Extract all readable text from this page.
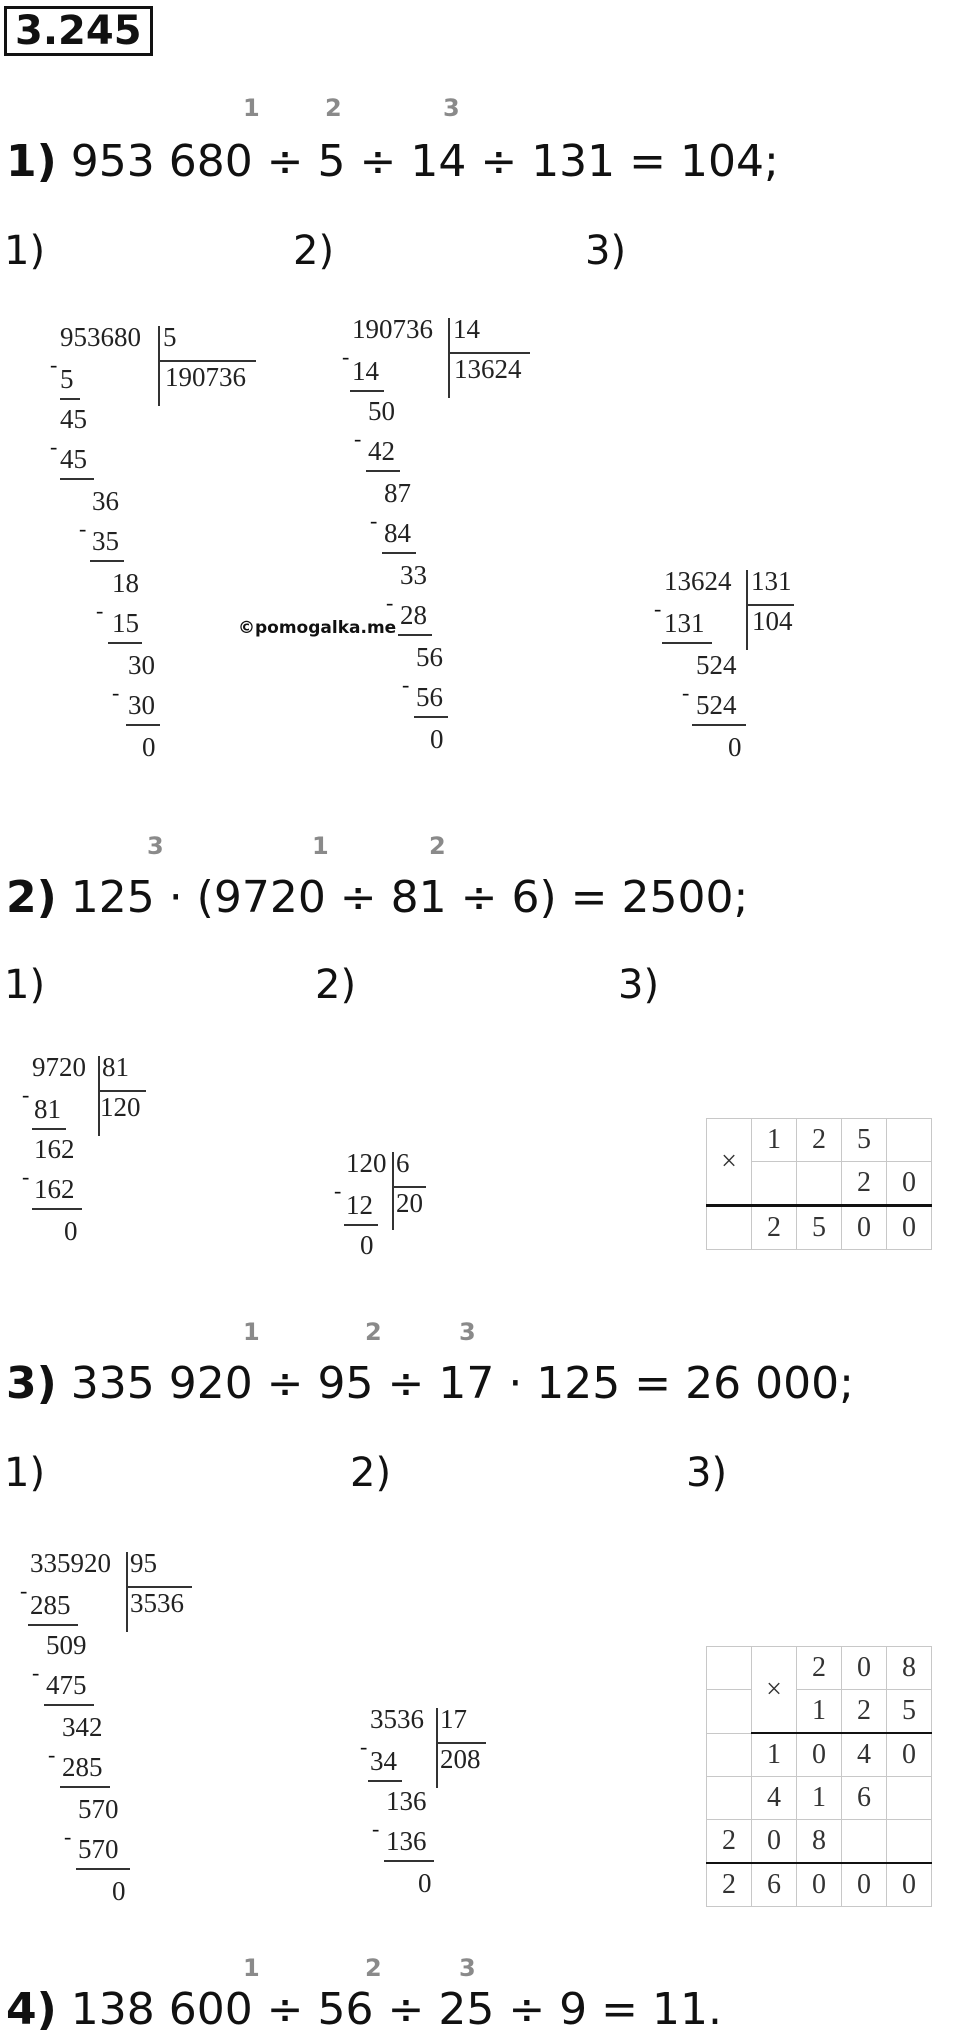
3.245
1	2	3
1) 953 680 ÷ 5 ÷ 14 ÷ 131 = 104;
1)	2)	3)
953680 5
190736
- 5
45
- 45
36
- 35
18
- 15
30
- 30
0
190736 14
13624
- 14
50
- 42
87
- 84
33
- 28
56
- 56
0
©pomogalka.me
13624 131
104
- 131
524
- 524
0
3	1	2
2) 125 · (9720 ÷ 81 ÷ 6) = 2500;
1)	2)	3)
9720 81
120
- 81
162
- 162
0
120 6
20
- 12
0
×	1	2	5	
			2	0
	2	5	0	0
1	2	3
3) 335 920 ÷ 95 ÷ 17 · 125 = 26 000;
1)	2)	3)
335920 95
3536
- 285
509
- 475
342
- 285
570
- 570
0
3536 17
208
- 34
136
- 136
0
	×	2	0	8
		1	2	5
	1	0	4	0
	4	1	6	
2	0	8		
2	6	0	0	0
1	2	3
4) 138 600 ÷ 56 ÷ 25 ÷ 9 = 11.
